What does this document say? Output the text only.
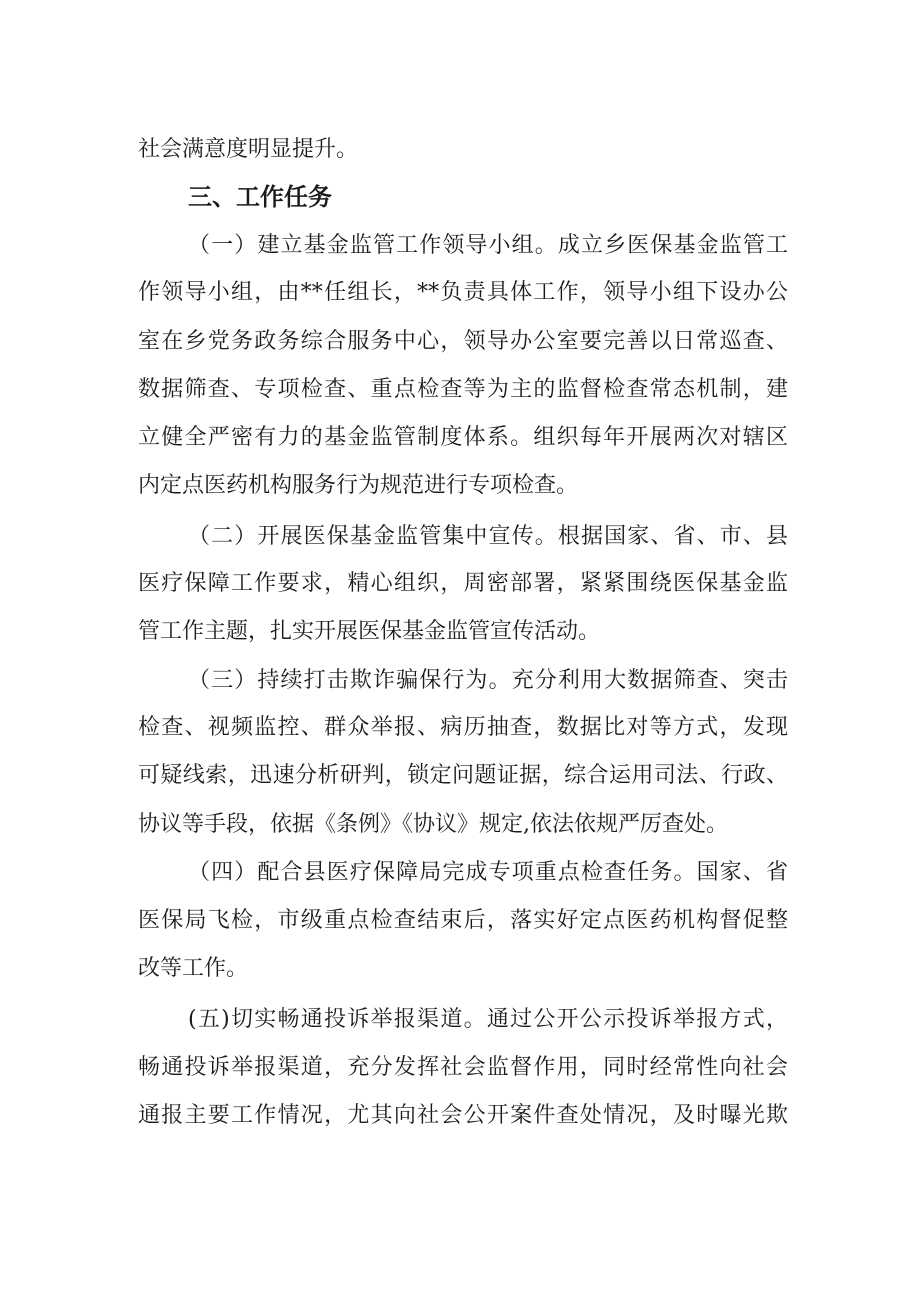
社会满意度明显提升。
三、工作任务
（一）建立基金监管工作领导小组。成立乡医保基金监管工
作领导小组，由**任组长，**负责具体工作，领导小组下设办公
室在乡党务政务综合服务中心，领导办公室要完善以日常巡查、
数据筛查、专项检查、重点检查等为主的监督检查常态机制，建
立健全严密有力的基金监管制度体系。组织每年开展两次对辖区
内定点医药机构服务行为规范进行专项检查。
（二）开展医保基金监管集中宣传。根据国家、省、市、县
医疗保障工作要求，精心组织，周密部署，紧紧围绕医保基金监
管工作主题，扎实开展医保基金监管宣传活动。
（三）持续打击欺诈骗保行为。充分利用大数据筛查、突击
检查、视频监控、群众举报、病历抽查，数据比对等方式，发现
可疑线索，迅速分析研判，锁定问题证据，综合运用司法、行政、
协议等手段，依据《条例》《协议》规定,依法依规严厉查处。
（四）配合县医疗保障局完成专项重点检查任务。国家、省
医保局飞检，市级重点检查结束后，落实好定点医药机构督促整
改等工作。
(五)切实畅通投诉举报渠道。通过公开公示投诉举报方式，
畅通投诉举报渠道，充分发挥社会监督作用，同时经常性向社会
通报主要工作情况，尤其向社会公开案件查处情况，及时曝光欺
